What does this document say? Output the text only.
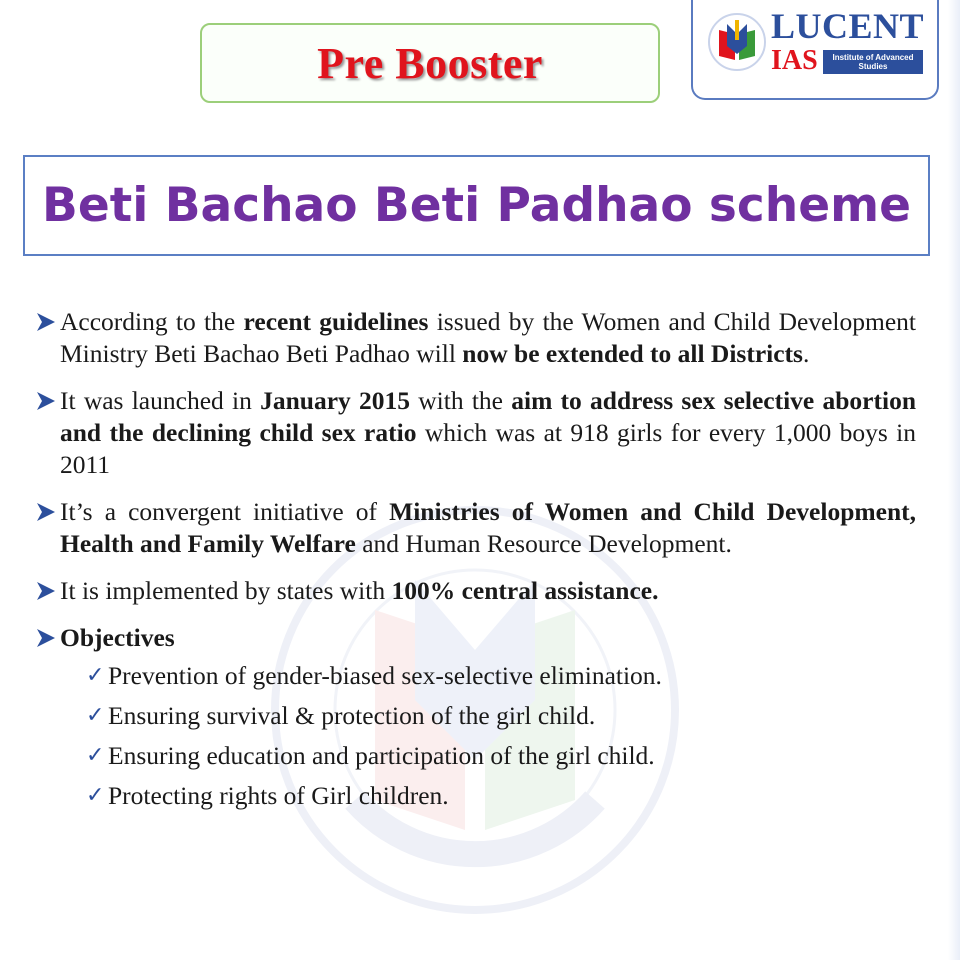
Pre Booster
LUCENT
IAS	Institute of Advanced Studies
Beti Bachao Beti Padhao scheme
According to the recent guidelines issued by the Women and Child Development Ministry Beti Bachao Beti Padhao will now be extended to all Districts.
It was launched in January 2015 with the aim to address sex selective abortion and the declining child sex ratio which was at 918 girls for every 1,000 boys in 2011
It’s a convergent initiative of Ministries of Women and Child Development, Health and Family Welfare and Human Resource Development.
It is implemented by states with 100% central assistance.
Objectives
✓ Prevention of gender-biased sex-selective elimination.
✓ Ensuring survival & protection of the girl child.
✓ Ensuring education and participation of the girl child.
✓ Protecting rights of Girl children.
